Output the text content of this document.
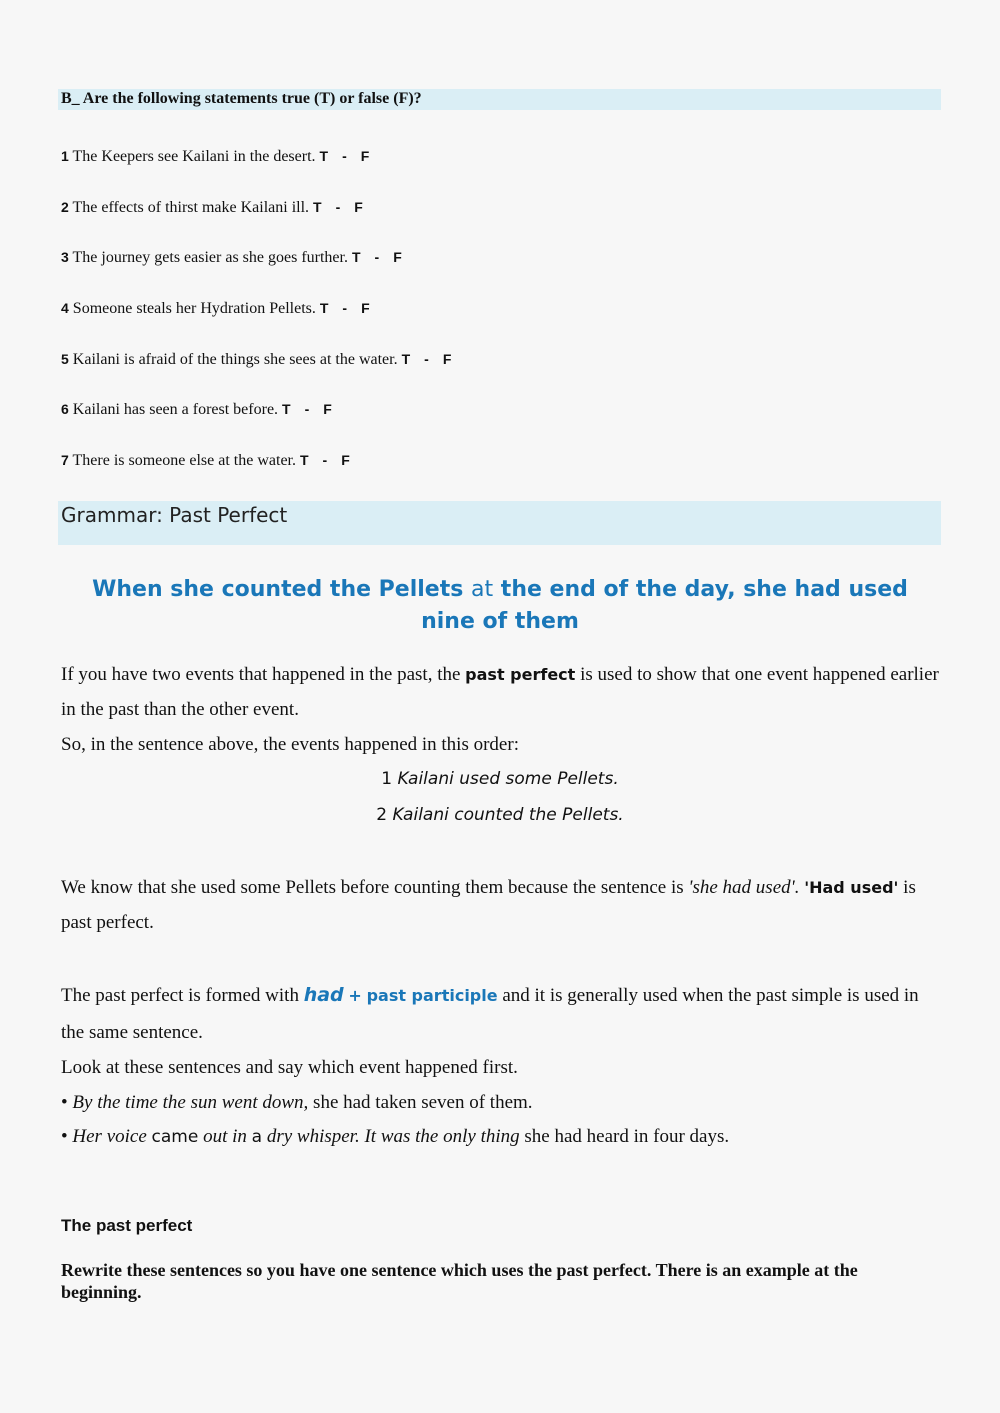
B_ Are the following statements true (T) or false (F)?
1 The Keepers see Kailani in the desert. T - F
2 The effects of thirst make Kailani ill. T - F
3 The journey gets easier as she goes further. T - F
4 Someone steals her Hydration Pellets. T - F
5 Kailani is afraid of the things she sees at the water. T - F
6 Kailani has seen a forest before. T - F
7 There is someone else at the water. T - F
Grammar: Past Perfect
When she counted the Pellets at the end of the day, she had used nine of them
If you have two events that happened in the past, the past perfect is used to show that one event happened earlier in the past than the other event.
So, in the sentence above, the events happened in this order:
1 Kailani used some Pellets.
2 Kailani counted the Pellets.
We know that she used some Pellets before counting them because the sentence is 'she had used'. 'Had used' is past perfect.
The past perfect is formed with had + past participle and it is generally used when the past simple is used in the same sentence.
Look at these sentences and say which event happened first.
• By the time the sun went down, she had taken seven of them.
• Her voice came out in a dry whisper. It was the only thing she had heard in four days.
The past perfect
Rewrite these sentences so you have one sentence which uses the past perfect. There is an example at the beginning.
